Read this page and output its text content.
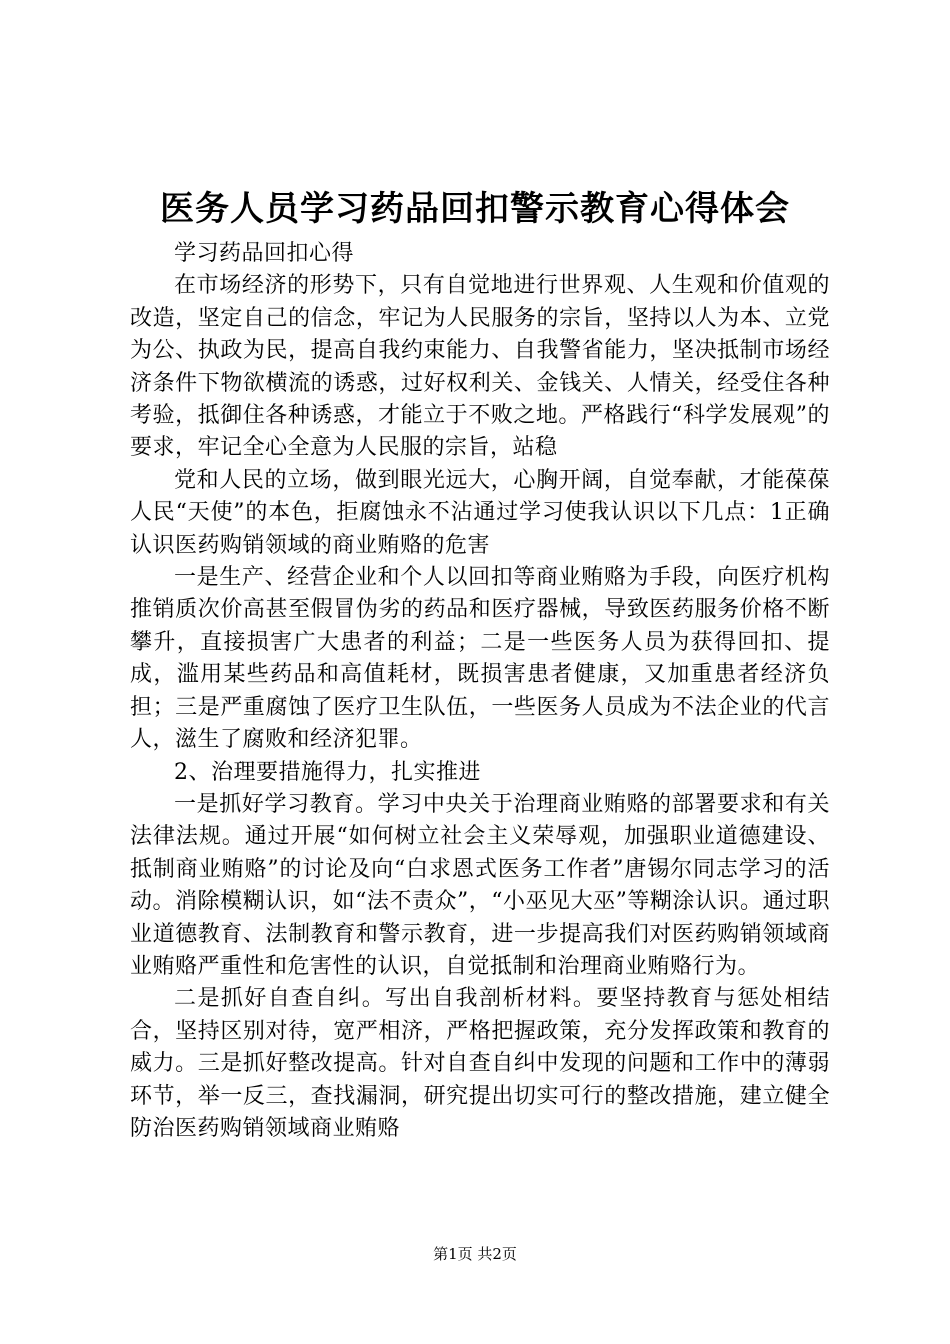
医务人员学习药品回扣警示教育心得体会

学习药品回扣心得

在市场经济的形势下，只有自觉地进行世界观、人生观和价值观的改造，坚定自己的信念，牢记为人民服务的宗旨，坚持以人为本、立党为公、执政为民，提高自我约束能力、自我警省能力，坚决抵制市场经济条件下物欲横流的诱惑，过好权利关、金钱关、人情关，经受住各种考验，抵御住各种诱惑，才能立于不败之地。严格践行“科学发展观”的要求，牢记全心全意为人民服的宗旨，站稳

党和人民的立场，做到眼光远大，心胸开阔，自觉奉献，才能葆葆人民“天使”的本色，拒腐蚀永不沾通过学习使我认识以下几点：1正确认识医药购销领域的商业贿赂的危害

一是生产、经营企业和个人以回扣等商业贿赂为手段，向医疗机构推销质次价高甚至假冒伪劣的药品和医疗器械，导致医药服务价格不断攀升，直接损害广大患者的利益；二是一些医务人员为获得回扣、提成，滥用某些药品和高值耗材，既损害患者健康，又加重患者经济负担；三是严重腐蚀了医疗卫生队伍，一些医务人员成为不法企业的代言人，滋生了腐败和经济犯罪。

2、治理要措施得力，扎实推进

一是抓好学习教育。学习中央关于治理商业贿赂的部署要求和有关法律法规。通过开展“如何树立社会主义荣辱观，加强职业道德建设、抵制商业贿赂”的讨论及向“白求恩式医务工作者”唐锡尔同志学习的活动。消除模糊认识，如“法不责众”，“小巫见大巫”等糊涂认识。通过职业道德教育、法制教育和警示教育，进一步提高我们对医药购销领域商业贿赂严重性和危害性的认识，自觉抵制和治理商业贿赂行为。

二是抓好自查自纠。写出自我剖析材料。要坚持教育与惩处相结合，坚持区别对待，宽严相济，严格把握政策，充分发挥政策和教育的威力。三是抓好整改提高。针对自查自纠中发现的问题和工作中的薄弱环节，举一反三，查找漏洞，研究提出切实可行的整改措施，建立健全防治医药购销领域商业贿赂

第1页 共2页
